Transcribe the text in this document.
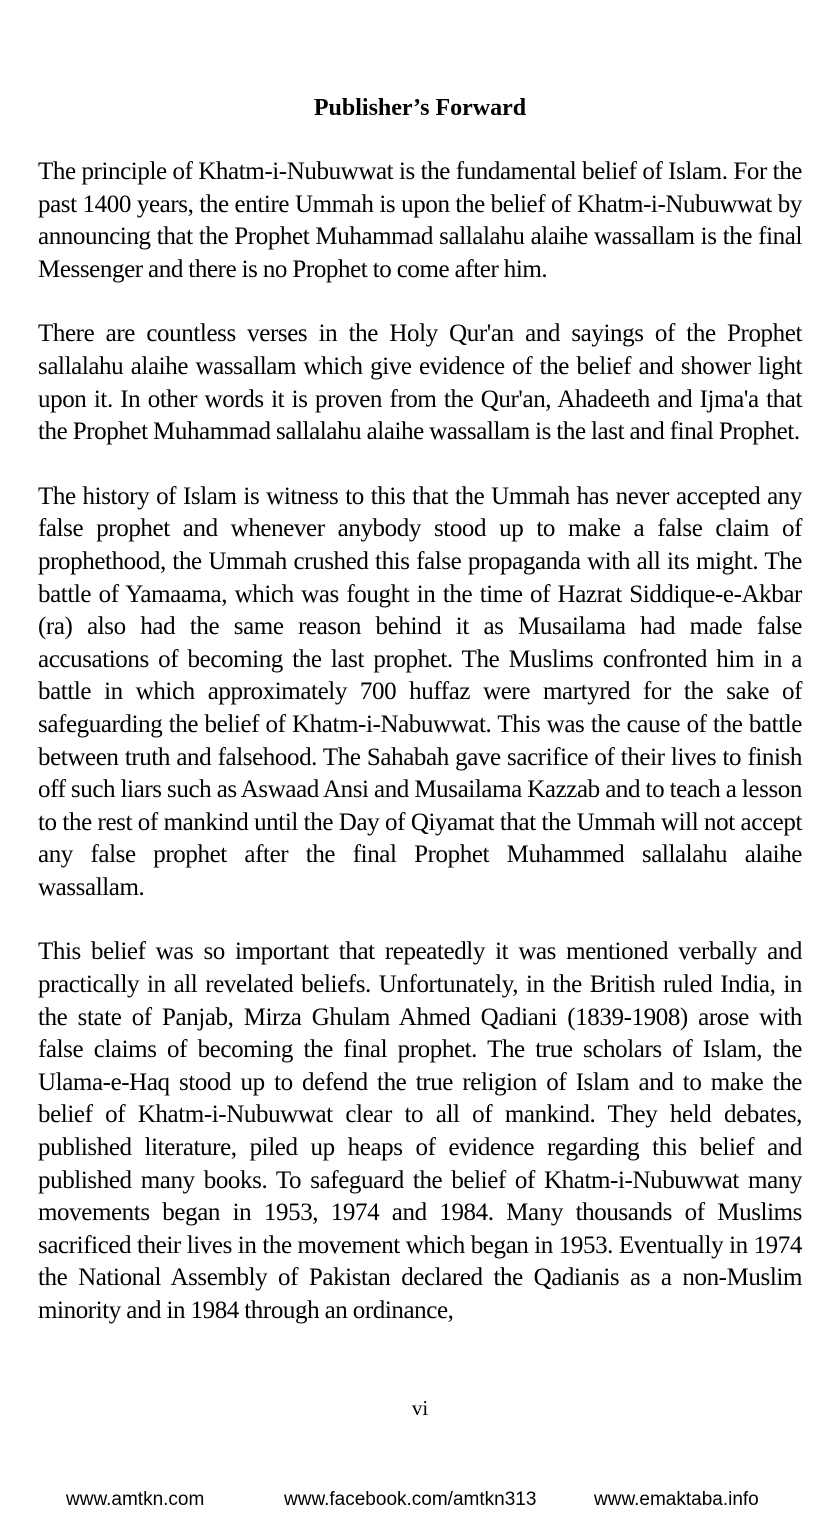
Publisher’s Forward

The principle of Khatm-i-Nubuwwat is the fundamental belief of Islam. For the past 1400 years, the entire Ummah is upon the belief of Khatm-i-Nubuwwat by announcing that the Prophet Muhammad sallalahu alaihe wassallam is the final Messenger and there is no Prophet to come after him.

There are countless verses in the Holy Qur'an and sayings of the Prophet sallalahu alaihe wassallam which give evidence of the belief and shower light upon it. In other words it is proven from the Qur'an, Ahadeeth and Ijma'a that the Prophet Muhammad sallalahu alaihe wassallam is the last and final Prophet.

The history of Islam is witness to this that the Ummah has never accepted any false prophet and whenever anybody stood up to make a false claim of prophethood, the Ummah crushed this false propaganda with all its might. The battle of Yamaama, which was fought in the time of Hazrat Siddique-e-Akbar (ra) also had the same reason behind it as Musailama had made false accusations of becoming the last prophet. The Muslims confronted him in a battle in which approximately 700 huffaz were martyred for the sake of safeguarding the belief of Khatm-i-Nabuwwat. This was the cause of the battle between truth and falsehood. The Sahabah gave sacrifice of their lives to finish off such liars such as Aswaad Ansi and Musailama Kazzab and to teach a lesson to the rest of mankind until the Day of Qiyamat that the Ummah will not accept any false prophet after the final Prophet Muhammed sallalahu alaihe wassallam.

This belief was so important that repeatedly it was mentioned verbally and practically in all revelated beliefs. Unfortunately, in the British ruled India, in the state of Panjab, Mirza Ghulam Ahmed Qadiani (1839-1908) arose with false claims of becoming the final prophet. The true scholars of Islam, the Ulama-e-Haq stood up to defend the true religion of Islam and to make the belief of Khatm-i-Nubuwwat clear to all of mankind. They held debates, published literature, piled up heaps of evidence regarding this belief and published many books. To safeguard the belief of Khatm-i-Nubuwwat many movements began in 1953, 1974 and 1984. Many thousands of Muslims sacrificed their lives in the movement which began in 1953. Eventually in 1974 the National Assembly of Pakistan declared the Qadianis as a non-Muslim minority and in 1984 through an ordinance,

vi
www.amtkn.com	www.facebook.com/amtkn313	www.emaktaba.info
